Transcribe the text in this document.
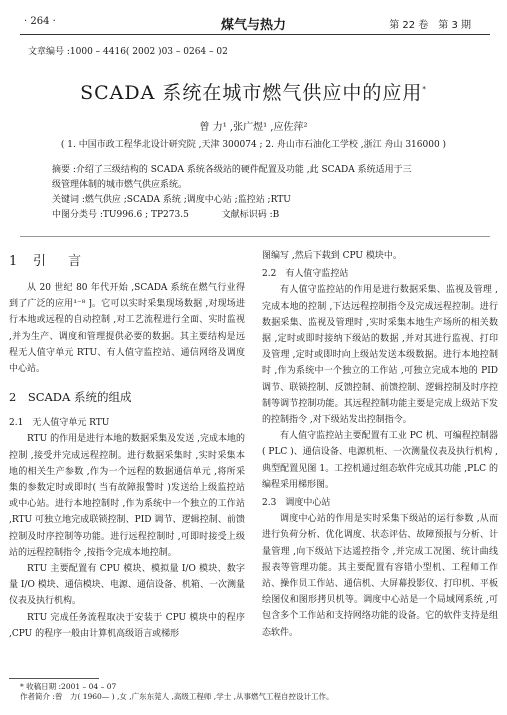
· 264 ·	煤气与热力	第 22 卷　第 3 期
文章编号 :1000 – 4416( 2002 )03 – 0264 – 02
SCADA 系统在城市燃气供应中的应用*
曾 力¹ ,张广煜¹ ,应佐萍²
( 1. 中国市政工程华北设计研究院 ,天津 300074 ; 2. 舟山市石油化工学校 ,浙江 舟山 316000 )
摘要 :介绍了三级结构的 SCADA 系统各级站的硬件配置及功能 ,此 SCADA 系统适用于三
级管理体制的城市燃气供应系统。
关键词 :燃气供应 ;SCADA 系统 ;调度中心站 ;监控站 ;RTU
中图分类号 :TU996.6 ; TP273.5	文献标识码 :B
1 引言

从 20 世纪 80 年代开始 ,SCADA 系统在燃气行业得到了广泛的应用¹⁻⁸ ]。它可以实时采集现场数据 ,对现场进行本地或远程的自动控制 ,对工艺流程进行全面、实时监视 ,并为生产、调度和管理提供必要的数据。其主要结构是远程无人值守单元 RTU、有人值守监控站、通信网络及调度中心站。

2　SCADA 系统的组成
2.1　无人值守单元 RTU

RTU 的作用是进行本地的数据采集及发送 ,完成本地的控制 ,接受并完成远程控制。进行数据采集时 ,实时采集本地的相关生产参数 ,作为一个远程的数据通信单元 ,将所采集的参数定时或即时( 当有故障报警时 )发送给上级监控站或中心站。进行本地控制时 ,作为系统中一个独立的工作站 ,RTU 可独立地完成联锁控制、PID 调节、逻辑控制、前馈控制及时序控制等功能。进行远程控制时 ,可即时接受上级站的远程控制指令 ,按指令完成本地控制。

RTU 主要配置有 CPU 模块、模拟量 I/O 模块、数字量 I/O 模块、通信模块、电源、通信设备、机箱、一次测量仪表及执行机构。

RTU 完成任务流程取决于安装于 CPU 模块中的程序 ,CPU 的程序一般由计算机高级语言或梯形

图编写 ,然后下载到 CPU 模块中。

2.2　有人值守监控站

有人值守监控站的作用是进行数据采集、监视及管理 ,完成本地的控制 ,下达远程控制指令及完成远程控制。进行数据采集、监视及管理时 ,实时采集本地生产场所的相关数据 ,定时或即时接纳下级站的数据 ,并对其进行监视、打印及管理 ,定时或即时向上级站发送本级数据。进行本地控制时 ,作为系统中一个独立的工作站 ,可独立完成本地的 PID 调节、联锁控制、反馈控制、前馈控制、逻辑控制及时序控制等调节控制功能。其远程控制功能主要是完成上级站下发的控制指令 ,对下级站发出控制指令。

有人值守监控站主要配置有工业 PC 机、可编程控制器( PLC )、通信设备、电源机柜、一次测量仪表及执行机构 ,典型配置见图 1。工控机通过组态软件完成其功能 ,PLC 的编程采用梯形图。

2.3　调度中心站

调度中心站的作用是实时采集下级站的运行参数 ,从而进行负荷分析、优化调度、状态评估、故障预报与分析、计量管理 ,向下级站下达遥控指令 ,并完成工况图、统计曲线报表等管理功能。其主要配置有容错小型机、工程师工作站、操作员工作站、通信机、大屏幕投影仪、打印机、平板绘图仪和图形拷贝机等。调度中心站是一个局域网系统 ,可包含多个工作站和支持网络功能的设备。它的软件支持是组态软件。

* 收稿日期 :2001 – 04 – 07
作者简介 :曾　力( 1960— ) ,女 ,广东东莞人 ,高级工程师 ,学士 ,从事燃气工程自控设计工作。
